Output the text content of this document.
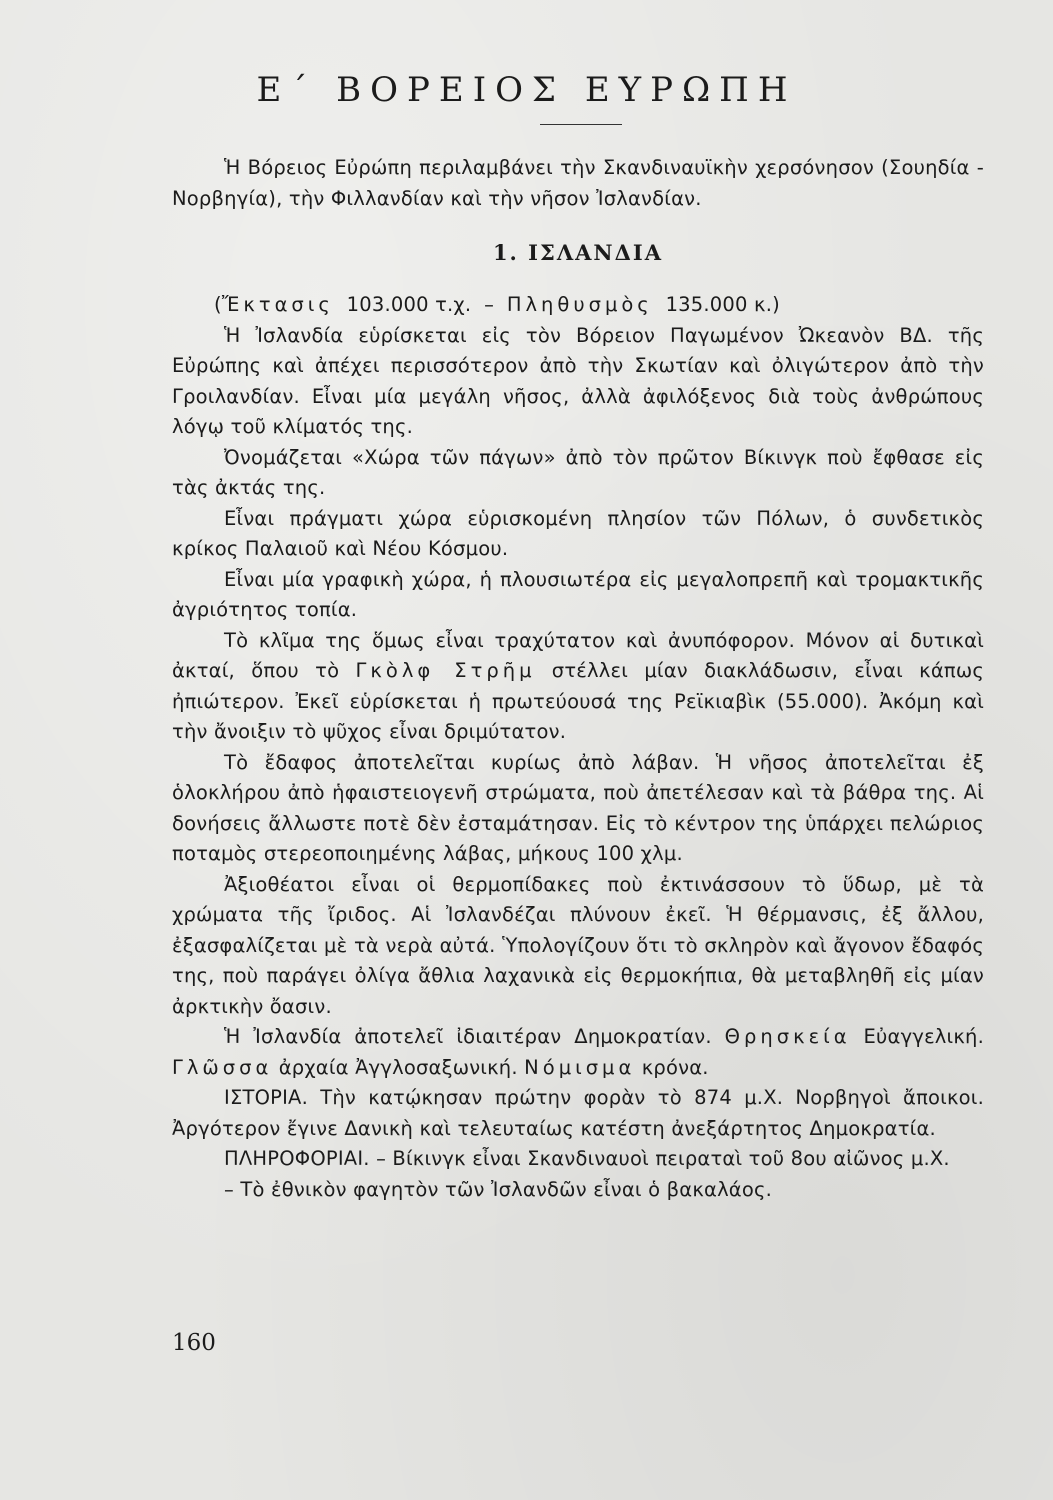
Ε΄ ΒΟΡΕΙΟΣ ΕΥΡΩΠΗ

Ἡ Βόρειος Εὐρώπη περιλαμβάνει τὴν Σκανδιναυϊκὴν χερσόνησον (Σουηδία - Νορβηγία), τὴν Φιλλανδίαν καὶ τὴν νῆσον Ἰσλανδίαν.

1. ΙΣΛΑΝΔΙΑ
(Ἔκτασις 103.000 τ.χ.  –  Πληθυσμὸς 135.000 κ.)

Ἡ Ἰσλανδία εὑρίσκεται εἰς τὸν Βόρειον Παγωμένον Ὠκεανὸν ΒΔ. τῆς Εὐρώπης καὶ ἀπέχει περισσότερον ἀπὸ τὴν Σκωτίαν καὶ ὀλιγώτερον ἀπὸ τὴν Γροιλανδίαν. Εἶναι μία μεγάλη νῆσος, ἀλλὰ ἀφιλόξενος διὰ τοὺς ἀνθρώπους λόγῳ τοῦ κλίματός της.

Ὀνομάζεται «Χώρα τῶν πάγων» ἀπὸ τὸν πρῶτον Βίκινγκ ποὺ ἔφθασε εἰς τὰς ἀκτάς της.

Εἶναι πράγματι χώρα εὑρισκομένη πλησίον τῶν Πόλων, ὁ συνδετικὸς κρίκος Παλαιοῦ καὶ Νέου Κόσμου.

Εἶναι μία γραφικὴ χώρα, ἡ πλουσιωτέρα εἰς μεγαλοπρεπῆ καὶ τρομακτικῆς ἀγριότητος τοπία.

Τὸ κλῖμα της ὅμως εἶναι τραχύτατον καὶ ἀνυπόφορον. Μόνον αἱ δυτικαὶ ἀκταί, ὅπου τὸ Γκὸλφ Στρῆμ στέλλει μίαν διακλάδωσιν, εἶναι κάπως ἠπιώτερον. Ἐκεῖ εὑρίσκεται ἡ πρωτεύουσά της Ρεϊκιαβὶκ (55.000). Ἀκόμη καὶ τὴν ἄνοιξιν τὸ ψῦχος εἶναι δριμύτατον.

Τὸ ἔδαφος ἀποτελεῖται κυρίως ἀπὸ λάβαν. Ἡ νῆσος ἀποτελεῖται ἐξ ὁλοκλήρου ἀπὸ ἡφαιστειογενῆ στρώματα, ποὺ ἀπετέλεσαν καὶ τὰ βάθρα της. Αἱ δονήσεις ἄλλωστε ποτὲ δὲν ἐσταμάτησαν. Εἰς τὸ κέντρον της ὑπάρχει πελώριος ποταμὸς στερεοποιημένης λάβας, μήκους 100 χλμ.

Ἀξιοθέατοι εἶναι οἱ θερμοπίδακες ποὺ ἐκτινάσσουν τὸ ὕδωρ, μὲ τὰ χρώματα τῆς ἴριδος. Αἱ Ἰσλανδέζαι πλύνουν ἐκεῖ. Ἡ θέρμανσις, ἐξ ἄλλου, ἐξασφαλίζεται μὲ τὰ νερὰ αὐτά. Ὑπολογίζουν ὅτι τὸ σκληρὸν καὶ ἄγονον ἔδαφός της, ποὺ παράγει ὀλίγα ἄθλια λαχανικὰ εἰς θερμοκήπια, θὰ μεταβληθῆ εἰς μίαν ἀρκτικὴν ὄασιν.

Ἡ Ἰσλανδία ἀποτελεῖ ἰδιαιτέραν Δημοκρατίαν. Θρησκεία Εὐαγγελική. Γλῶσσα ἀρχαία Ἀγγλοσαξωνική. Νόμισμα κρόνα.

ΙΣΤΟΡΙΑ. Τὴν κατῴκησαν πρώτην φορὰν τὸ 874 μ.Χ. Νορβηγοὶ ἄποικοι. Ἀργότερον ἔγινε Δανικὴ καὶ τελευταίως κατέστη ἀνεξάρτητος Δημοκρατία.

ΠΛΗΡΟΦΟΡΙΑΙ. – Βίκινγκ εἶναι Σκανδιναυοὶ πειραταὶ τοῦ 8ου αἰῶνος μ.Χ.

– Τὸ ἐθνικὸν φαγητὸν τῶν Ἰσλανδῶν εἶναι ὁ βακαλάος.

160
